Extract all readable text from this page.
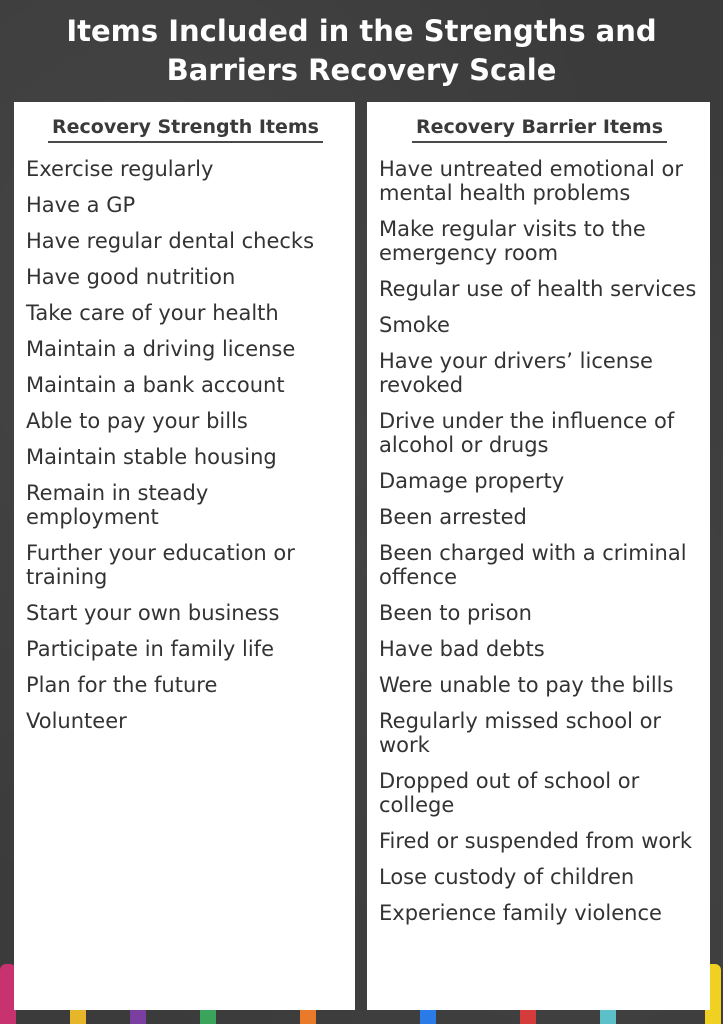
Items Included in the Strengths and
Barriers Recovery Scale
Recovery Strength Items
Exercise regularly
Have a GP
Have regular dental checks
Have good nutrition
Take care of your health
Maintain a driving license
Maintain a bank account
Able to pay your bills
Maintain stable housing
Remain in steady employment
Further your education or training
Start your own business
Participate in family life
Plan for the future
Volunteer
Recovery Barrier Items
Have untreated emotional or mental health problems
Make regular visits to the emergency room
Regular use of health services
Smoke
Have your drivers’ license revoked
Drive under the influence of alcohol or drugs
Damage property
Been arrested
Been charged with a criminal offence
Been to prison
Have bad debts
Were unable to pay the bills
Regularly missed school or work
Dropped out of school or college
Fired or suspended from work
Lose custody of children
Experience family violence
